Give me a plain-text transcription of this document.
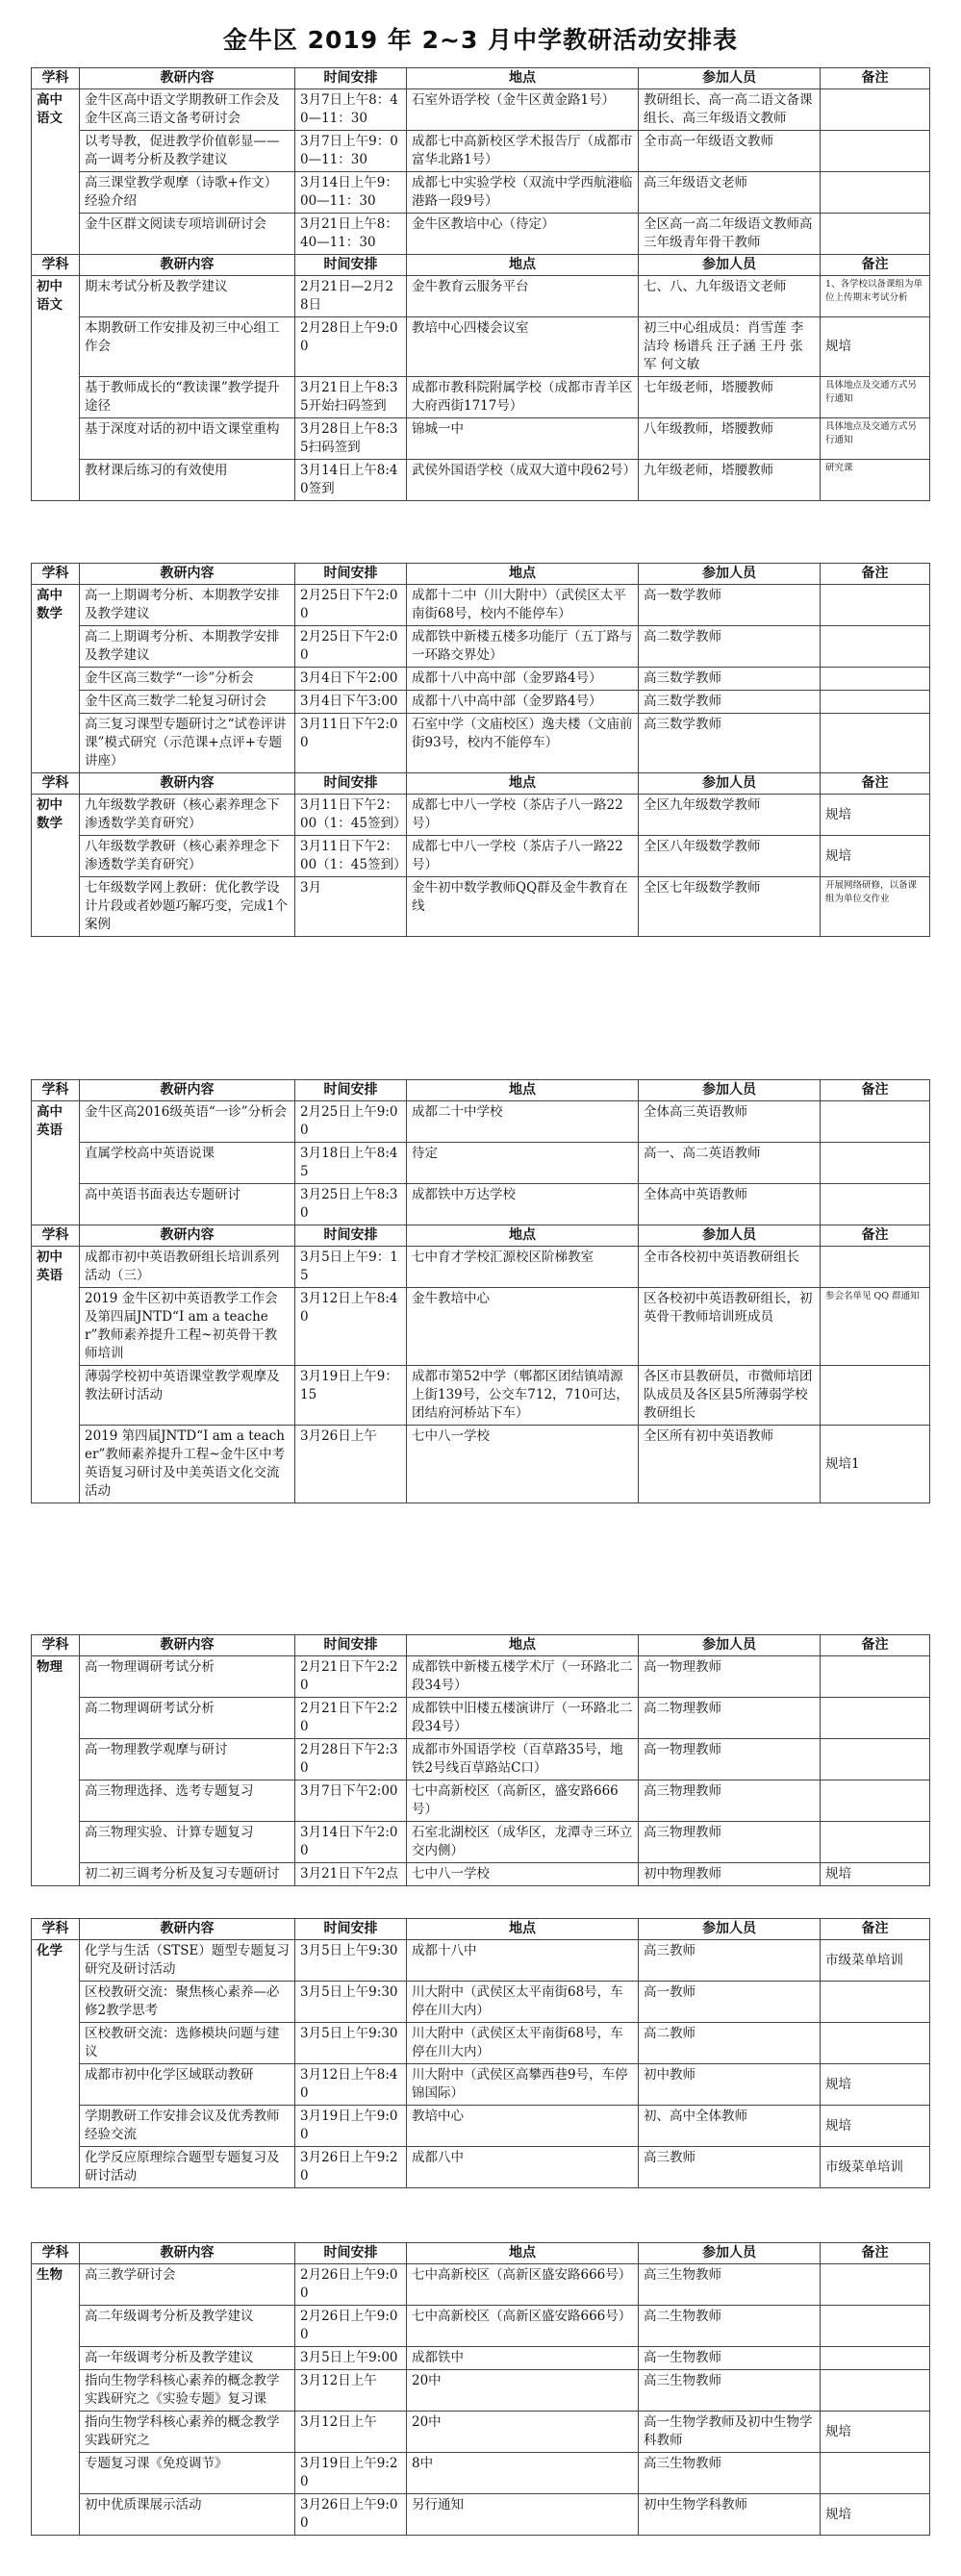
金牛区 2019 年 2~3 月中学教研活动安排表
学科	教研内容	时间安排	地点	参加人员	备注
高中语文	金牛区高中语文学期教研工作会及金牛区高三语文备考研讨会	3月7日上午8：40—11：30	石室外语学校（金牛区黄金路1号）	教研组长、高一高二语文备课组长、高三年级语文教师	
	以考导教，促进教学价值彰显——高一调考分析及教学建议	3月7日上午9：00—11：30	成都七中高新校区学术报告厅（成都市富华北路1号）	全市高一年级语文教师	
	高三课堂教学观摩（诗歌+作文）经验介绍	3月14日上午9：00—11：30	成都七中实验学校（双流中学西航港临港路一段9号）	高三年级语文老师	
	金牛区群文阅读专项培训研讨会	3月21日上午8：40—11：30	金牛区教培中心（待定）	全区高一高二年级语文教师高三年级青年骨干教师	
学科	教研内容	时间安排	地点	参加人员	备注
初中语文	期末考试分析及教学建议	2月21日—2月28日	金牛教育云服务平台	七、八、九年级语文老师	1、各学校以备课组为单位上传期末考试分析
	本期教研工作安排及初三中心组工作会	2月28日上午9:00	教培中心四楼会议室	初三中心组成员：肖雪莲 李洁玲 杨谱兵 汪子涵 王丹 张军 何文敏	规培
	基于教师成长的“教读课”教学提升途径	3月21日上午8:35开始扫码签到	成都市教科院附属学校（成都市青羊区大府西街1717号）	七年级老师，塔腰教师	具体地点及交通方式另行通知
	基于深度对话的初中语文课堂重构	3月28日上午8:35扫码签到	锦城一中	八年级教师，塔腰教师	具体地点及交通方式另行通知
	教材课后练习的有效使用	3月14日上午8:40签到	武侯外国语学校（成双大道中段62号）	九年级老师，塔腰教师	研究课
学科	教研内容	时间安排	地点	参加人员	备注
高中数学	高一上期调考分析、本期教学安排及教学建议	2月25日下午2:00	成都十二中（川大附中）（武侯区太平南街68号，校内不能停车）	高一数学教师	
	高二上期调考分析、本期教学安排及教学建议	2月25日下午2:00	成都铁中新楼五楼多功能厅（五丁路与一环路交界处）	高二数学教师	
	金牛区高三数学“一诊”分析会	3月4日下午2:00	成都十八中高中部（金罗路4号）	高三数学教师	
	金牛区高三数学二轮复习研讨会	3月4日下午3:00	成都十八中高中部（金罗路4号）	高三数学教师	
	高三复习课型专题研讨之“试卷评讲课”模式研究（示范课+点评+专题讲座）	3月11日下午2:00	石室中学（文庙校区）逸夫楼（文庙前街93号，校内不能停车）	高三数学教师	
学科	教研内容	时间安排	地点	参加人员	备注
初中数学	九年级数学教研（核心素养理念下渗透数学美育研究）	3月11日下午2：00（1：45签到）	成都七中八一学校（茶店子八一路22号）	全区九年级数学教师	规培
	八年级数学教研（核心素养理念下渗透数学美育研究）	3月11日下午2：00（1：45签到）	成都七中八一学校（茶店子八一路22号）	全区八年级数学教师	规培
	七年级数学网上教研：优化教学设计片段或者妙题巧解巧变，完成1个案例	3月	金牛初中数学教师QQ群及金牛教育在线	全区七年级数学教师	开展网络研修，以备课组为单位交作业
学科	教研内容	时间安排	地点	参加人员	备注
高中英语	金牛区高2016级英语“一诊”分析会	2月25日上午9:00	成都二十中学校	全体高三英语教师	
	直属学校高中英语说课	3月18日上午8:45	待定	高一、高二英语教师	
	高中英语书面表达专题研讨	3月25日上午8:30	成都铁中万达学校	全体高中英语教师	
学科	教研内容	时间安排	地点	参加人员	备注
初中英语	成都市初中英语教研组长培训系列活动（三）	3月5日上午9：15	七中育才学校汇源校区阶梯教室	全市各校初中英语教研组长	
	2019 金牛区初中英语教学工作会及第四届JNTD“I am a teacher”教师素养提升工程~初英骨干教师培训	3月12日上午8:40	金牛教培中心	区各校初中英语教研组长，初英骨干教师培训班成员	参会名单见 QQ 群通知
	薄弱学校初中英语课堂教学观摩及教法研讨活动	3月19日上午9：15	成都市第52中学（郫都区团结镇靖源上街139号，公交车712，710可达，团结府河桥站下车）	各区市县教研员，市微师培团队成员及各区县5所薄弱学校教研组长	
	2019 第四届JNTD“I am a teacher”教师素养提升工程~金牛区中考英语复习研讨及中美英语文化交流活动	3月26日上午	七中八一学校	全区所有初中英语教师	规培1
学科	教研内容	时间安排	地点	参加人员	备注
物理	高一物理调研考试分析	2月21日下午2:20	成都铁中新楼五楼学术厅（一环路北二段34号）	高一物理教师	
	高二物理调研考试分析	2月21日下午2:20	成都铁中旧楼五楼演讲厅（一环路北二段34号）	高二物理教师	
	高一物理教学观摩与研讨	2月28日下午2:30	成都市外国语学校（百草路35号，地铁2号线百草路站C口）	高一物理教师	
	高三物理选择、选考专题复习	3月7日下午2:00	七中高新校区（高新区，盛安路666号）	高三物理教师	
	高三物理实验、计算专题复习	3月14日下午2:00	石室北湖校区（成华区，龙潭寺三环立交内侧）	高三物理教师	
	初二初三调考分析及复习专题研讨	3月21日下午2点	七中八一学校	初中物理教师	规培
学科	教研内容	时间安排	地点	参加人员	备注
化学	化学与生活（STSE）题型专题复习研究及研讨活动	3月5日上午9:30	成都十八中	高三教师	市级菜单培训
	区校教研交流：聚焦核心素养—必修2教学思考	3月5日上午9:30	川大附中（武侯区太平南街68号，车停在川大内）	高一教师	
	区校教研交流：选修模块问题与建议	3月5日上午9:30	川大附中（武侯区太平南街68号，车停在川大内）	高二教师	
	成都市初中化学区域联动教研	3月12日上午8:40	川大附中（武侯区高攀西巷9号，车停锦国际）	初中教师	规培
	学期教研工作安排会议及优秀教师经验交流	3月19日上午9:00	教培中心	初、高中全体教师	规培
	化学反应原理综合题型专题复习及研讨活动	3月26日上午9:20	成都八中	高三教师	市级菜单培训
学科	教研内容	时间安排	地点	参加人员	备注
生物	高三教学研讨会	2月26日上午9:00	七中高新校区（高新区盛安路666号）	高三生物教师	
	高二年级调考分析及教学建议	2月26日上午9:00	七中高新校区（高新区盛安路666号）	高二生物教师	
	高一年级调考分析及教学建议	3月5日上午9:00	成都铁中	高一生物教师	
	指向生物学科核心素养的概念教学实践研究之《实验专题》复习课	3月12日上午	20中	高三生物教师	
	指向生物学科核心素养的概念教学实践研究之	3月12日上午	20中	高一生物学教师及初中生物学科教师	规培
	专题复习课《免疫调节》	3月19日上午9:20	8中	高三生物教师	
	初中优质课展示活动	3月26日上午9:00	另行通知	初中生物学科教师	规培
